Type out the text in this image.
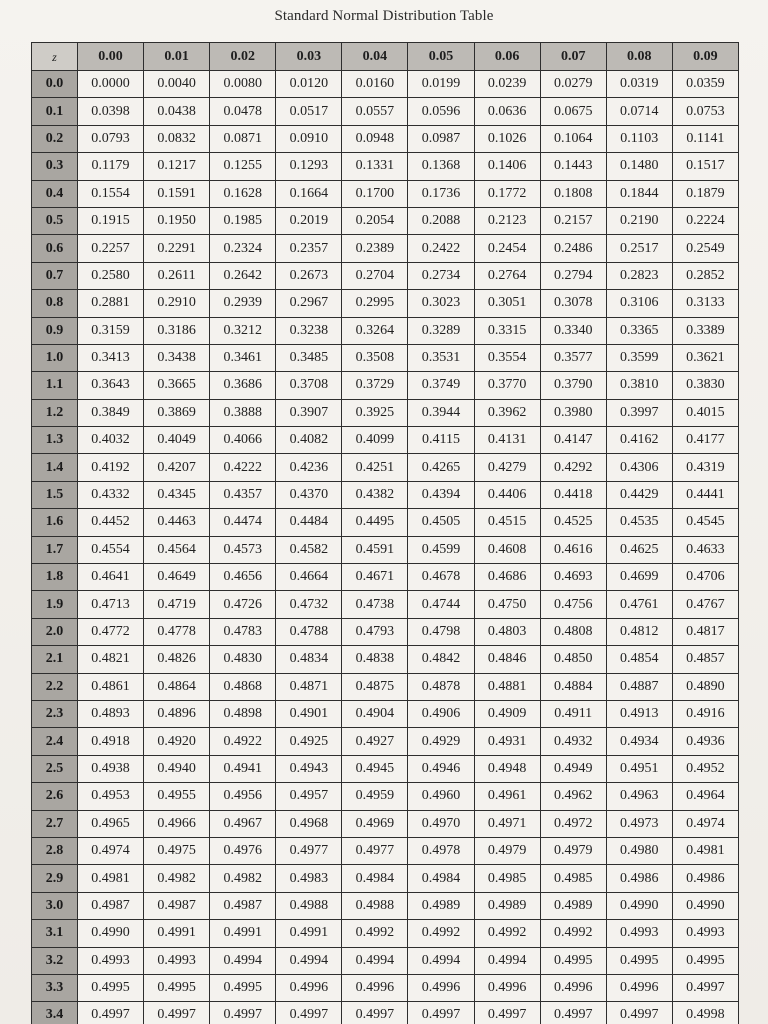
Standard Normal Distribution Table
z	0.00	0.01	0.02	0.03	0.04	0.05	0.06	0.07	0.08	0.09
0.0	0.0000	0.0040	0.0080	0.0120	0.0160	0.0199	0.0239	0.0279	0.0319	0.0359
0.1	0.0398	0.0438	0.0478	0.0517	0.0557	0.0596	0.0636	0.0675	0.0714	0.0753
0.2	0.0793	0.0832	0.0871	0.0910	0.0948	0.0987	0.1026	0.1064	0.1103	0.1141
0.3	0.1179	0.1217	0.1255	0.1293	0.1331	0.1368	0.1406	0.1443	0.1480	0.1517
0.4	0.1554	0.1591	0.1628	0.1664	0.1700	0.1736	0.1772	0.1808	0.1844	0.1879
0.5	0.1915	0.1950	0.1985	0.2019	0.2054	0.2088	0.2123	0.2157	0.2190	0.2224
0.6	0.2257	0.2291	0.2324	0.2357	0.2389	0.2422	0.2454	0.2486	0.2517	0.2549
0.7	0.2580	0.2611	0.2642	0.2673	0.2704	0.2734	0.2764	0.2794	0.2823	0.2852
0.8	0.2881	0.2910	0.2939	0.2967	0.2995	0.3023	0.3051	0.3078	0.3106	0.3133
0.9	0.3159	0.3186	0.3212	0.3238	0.3264	0.3289	0.3315	0.3340	0.3365	0.3389
1.0	0.3413	0.3438	0.3461	0.3485	0.3508	0.3531	0.3554	0.3577	0.3599	0.3621
1.1	0.3643	0.3665	0.3686	0.3708	0.3729	0.3749	0.3770	0.3790	0.3810	0.3830
1.2	0.3849	0.3869	0.3888	0.3907	0.3925	0.3944	0.3962	0.3980	0.3997	0.4015
1.3	0.4032	0.4049	0.4066	0.4082	0.4099	0.4115	0.4131	0.4147	0.4162	0.4177
1.4	0.4192	0.4207	0.4222	0.4236	0.4251	0.4265	0.4279	0.4292	0.4306	0.4319
1.5	0.4332	0.4345	0.4357	0.4370	0.4382	0.4394	0.4406	0.4418	0.4429	0.4441
1.6	0.4452	0.4463	0.4474	0.4484	0.4495	0.4505	0.4515	0.4525	0.4535	0.4545
1.7	0.4554	0.4564	0.4573	0.4582	0.4591	0.4599	0.4608	0.4616	0.4625	0.4633
1.8	0.4641	0.4649	0.4656	0.4664	0.4671	0.4678	0.4686	0.4693	0.4699	0.4706
1.9	0.4713	0.4719	0.4726	0.4732	0.4738	0.4744	0.4750	0.4756	0.4761	0.4767
2.0	0.4772	0.4778	0.4783	0.4788	0.4793	0.4798	0.4803	0.4808	0.4812	0.4817
2.1	0.4821	0.4826	0.4830	0.4834	0.4838	0.4842	0.4846	0.4850	0.4854	0.4857
2.2	0.4861	0.4864	0.4868	0.4871	0.4875	0.4878	0.4881	0.4884	0.4887	0.4890
2.3	0.4893	0.4896	0.4898	0.4901	0.4904	0.4906	0.4909	0.4911	0.4913	0.4916
2.4	0.4918	0.4920	0.4922	0.4925	0.4927	0.4929	0.4931	0.4932	0.4934	0.4936
2.5	0.4938	0.4940	0.4941	0.4943	0.4945	0.4946	0.4948	0.4949	0.4951	0.4952
2.6	0.4953	0.4955	0.4956	0.4957	0.4959	0.4960	0.4961	0.4962	0.4963	0.4964
2.7	0.4965	0.4966	0.4967	0.4968	0.4969	0.4970	0.4971	0.4972	0.4973	0.4974
2.8	0.4974	0.4975	0.4976	0.4977	0.4977	0.4978	0.4979	0.4979	0.4980	0.4981
2.9	0.4981	0.4982	0.4982	0.4983	0.4984	0.4984	0.4985	0.4985	0.4986	0.4986
3.0	0.4987	0.4987	0.4987	0.4988	0.4988	0.4989	0.4989	0.4989	0.4990	0.4990
3.1	0.4990	0.4991	0.4991	0.4991	0.4992	0.4992	0.4992	0.4992	0.4993	0.4993
3.2	0.4993	0.4993	0.4994	0.4994	0.4994	0.4994	0.4994	0.4995	0.4995	0.4995
3.3	0.4995	0.4995	0.4995	0.4996	0.4996	0.4996	0.4996	0.4996	0.4996	0.4997
3.4	0.4997	0.4997	0.4997	0.4997	0.4997	0.4997	0.4997	0.4997	0.4997	0.4998
